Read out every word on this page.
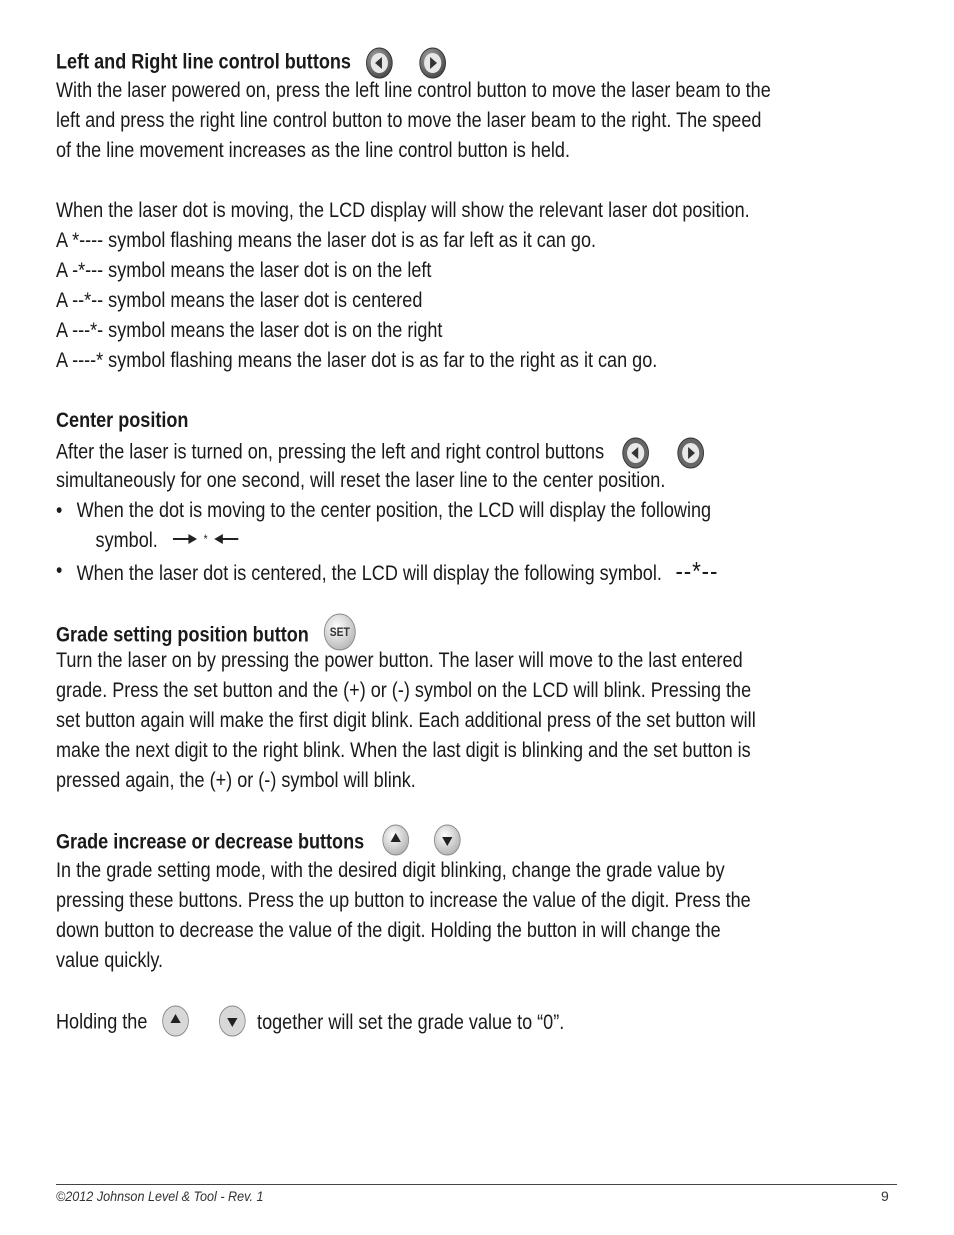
Left and Right line control buttons

With the laser powered on, press the left line control button to move the laser beam to the
left and press the right line control button to move the laser beam to the right. The speed
of the line movement increases as the line control button is held.
When the laser dot is moving, the LCD display will show the relevant laser dot position.
A *---- symbol flashing means the laser dot is as far left as it can go.
A -*--- symbol means the laser dot is on the left
A --*-- symbol means the laser dot is centered
A ---*- symbol means the laser dot is on the right
A ----* symbol flashing means the laser dot is as far to the right as it can go.
Center position
After the laser is turned on, pressing the left and right control buttons

simultaneously for one second, will reset the laser line to the center position.
• When the dot is moving to the center position, the LCD will display the following
symbol.	*
• When the laser dot is centered, the LCD will display the following symbol. --*--
Grade setting position button SET
Turn the laser on by pressing the power button. The laser will move to the last entered
grade. Press the set button and the (+) or (-) symbol on the LCD will blink. Pressing the
set button again will make the first digit blink. Each additional press of the set button will
make the next digit to the right blink. When the last digit is blinking and the set button is
pressed again, the (+) or (-) symbol will blink.
Grade increase or decrease buttons

In the grade setting mode, with the desired digit blinking, change the grade value by
pressing these buttons. Press the up button to increase the value of the digit. Press the
down button to decrease the value of the digit. Holding the button in will change the
value quickly.
Holding the
	together will set the grade value to “0”.
©2012 Johnson Level & Tool - Rev. 1	9
